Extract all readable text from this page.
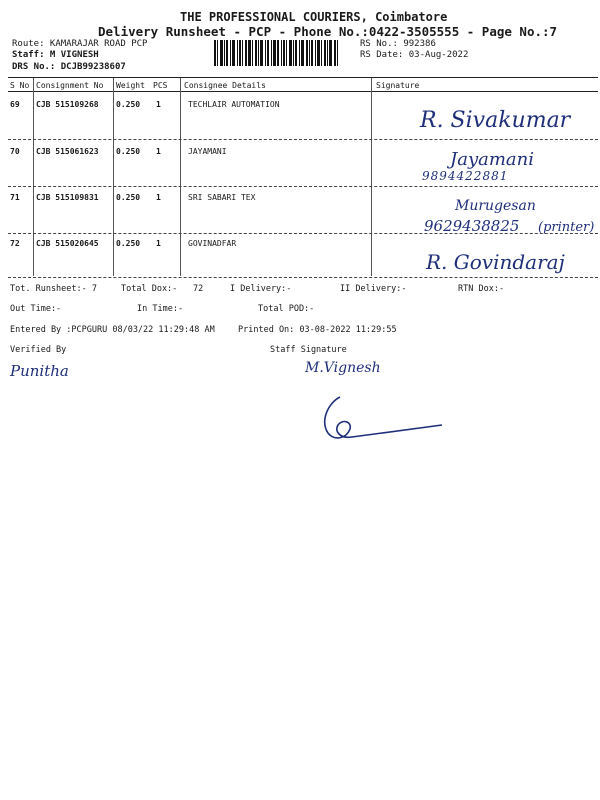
THE PROFESSIONAL COURIERS, Coimbatore
Delivery Runsheet - PCP - Phone No.:0422-3505555 - Page No.:7
Route: KAMARAJAR ROAD PCP
Staff: M VIGNESH
DRS No.: DCJB99238607
RS No.: 992386
RS Date: 03-Aug-2022
S No Consignment No Weight PCS Consignee Details	Signature
69 CJB 515109268 0.250 1	TECHLAIR AUTOMATION
R. Sivakumar
70 CJB 515061623 0.250 1	JAYAMANI	Jayamani
9894422881
71 CJB 515109831 0.250 1	SRI SABARI TEX
Murugesan
9629438825 (printer)
72 CJB 515020645 0.250 1	GOVINADFAR
R. Govindaraj
Tot. Runsheet:- 7	Total Dox:- 72	I Delivery:-	II Delivery:-	RTN Dox:-
Out Time:-	In Time:-	Total POD:-
Entered By :PCPGURU 08/03/22 11:29:48 AM	Printed On: 03-08-2022 11:29:55
Verified By	Staff Signature
Punitha	M.Vignesh
